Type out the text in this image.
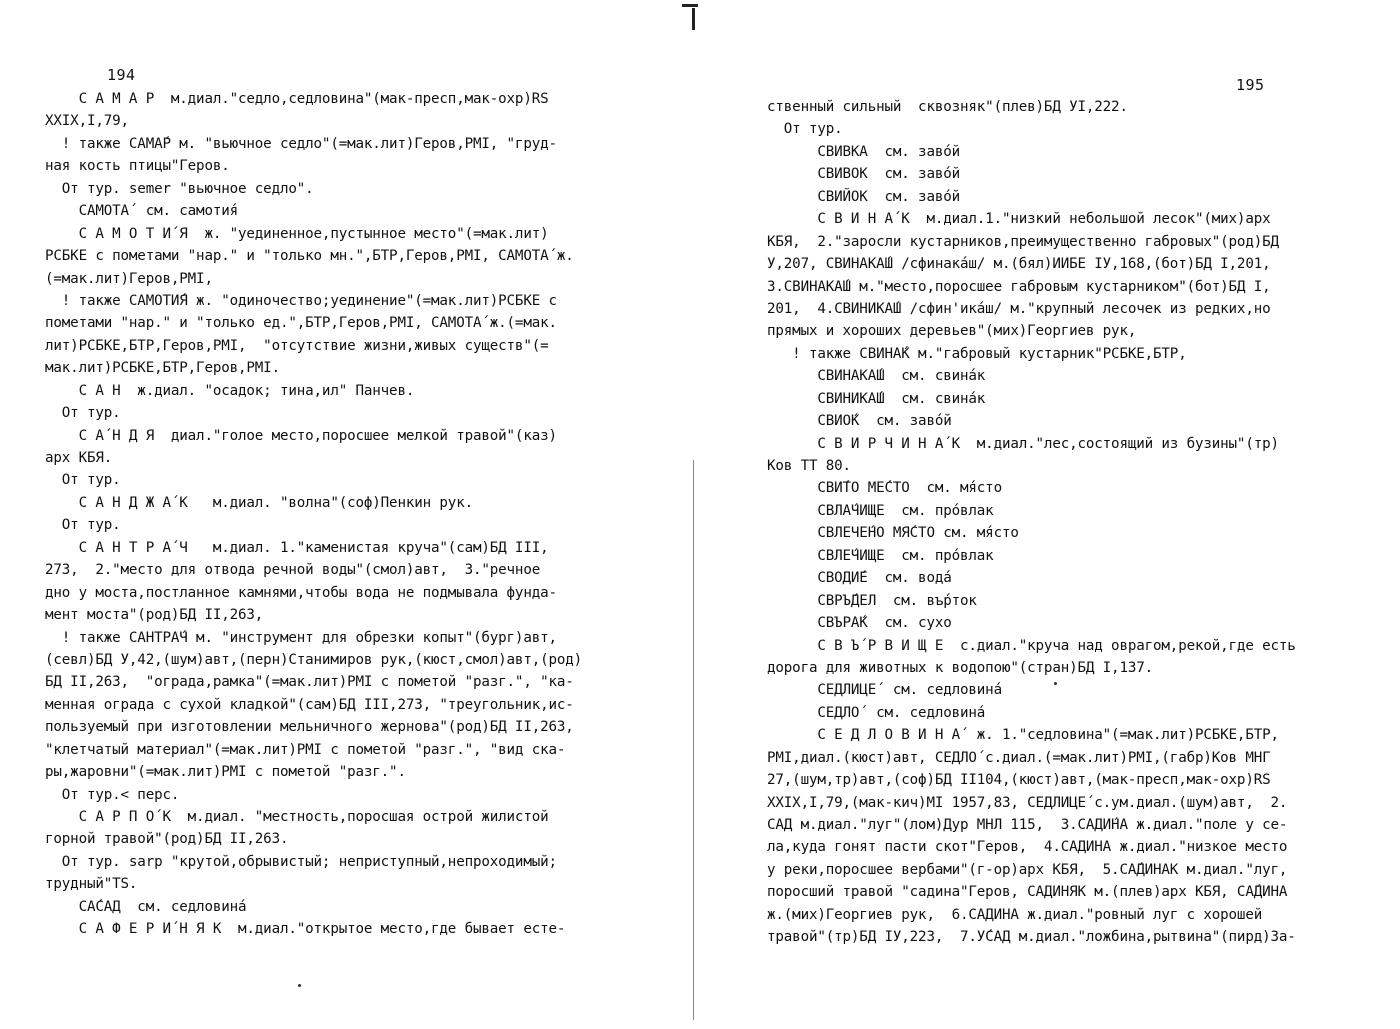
194
С А М А Р  м.диал."седло,седловина"(мак-пресп,мак-охр)RS
XXIX,I,79,
! также САМА́Р м. "вьючное седло"(=мак.лит)Геров,РМI, "груд-
ная кость птицы"Геров.
От тур. semer "вьючное седло".
САМОТА́  см. самотия́
С А М О Т И́ Я  ж. "уединенное,пустынное место"(=мак.лит)
РСБКЕ с пометами "нар." и "только мн.",БТР,Геров,РМI, САМОТА́ ж.
(=мак.лит)Геров,РМI,
! также САМОТИ́Я ж. "одиночество;уединение"(=мак.лит)РСБКЕ с
пометами "нар." и "только ед.",БТР,Геров,РМI, САМОТА́ ж.(=мак.
лит)РСБКЕ,БТР,Геров,РМI,  "отсутствие жизни,живых существ"(=
мак.лит)РСБКЕ,БТР,Геров,РМI.
С А Н  ж.диал. "осадок; тина,ил" Панчев.
От тур.
С А́ Н Д Я  диал."голое место,поросшее мелкой травой"(каз)
арх КБЯ.
От тур.
С А Н Д Ж А́ К   м.диал. "волна"(соф)Пенкин рук.
От тур.
С А Н Т Р А́ Ч   м.диал. 1."каменистая круча"(сам)БД III,
273,  2."место для отвода речной воды"(смол)авт,  3."речное
дно у моста,постланное камнями,чтобы вода не подмывала фунда-
мент моста"(род)БД II,263,
! также САНТРА́Ч м. "инструмент для обрезки копыт"(бург)авт,
(севл)БД У,42,(шум)авт,(перн)Станимиров рук,(кюст,смол)авт,(род)
БД II,263,  "ограда,рамка"(=мак.лит)РМI с пометой "разг.", "ка-
менная ограда с сухой кладкой"(сам)БД III,273, "треугольник,ис-
пользуемый при изготовлении мельничного жернова"(род)БД II,263,
"клетчатый материал"(=мак.лит)РМI с пометой "разг.", "вид ска-
ры,жаровни"(=мак.лит)РМI с пометой "разг.".
От тур.< перс.
С А Р П О́ К  м.диал. "местность,поросшая острой жилистой
горной травой"(род)БД II,263.
От тур. sarp "крутой,обрывистый; неприступный,непроходимый;
трудный"TS.
СА́САД  см. седловина́
С А Ф Е Р И́ Н Я К  м.диал."открытое место,где бывает есте-
195
ственный сильный  сквозняк"(плев)БД УI,222.
От тур.
СВИВКА  см. заво́й
СВИВОК  см. заво́й
СВИЙОК  см. заво́й
С В И Н А́ К  м.диал.1."низкий небольшой лесок"(мих)арх
КБЯ,  2."заросли кустарников,преимущественно габровых"(род)БД
У,207, СВИНАКА́Ш /сфинака́ш/ м.(бял)ИИБЕ IУ,168,(бот)БД I,201,
3.СВИНАКА́Ш м."место,поросшее габровым кустарником"(бот)БД I,
201,  4.СВИНИКА́Ш /сфин'ика́ш/ м."крупный лесочек из редких,но
прямых и хороших деревьев"(мих)Георгиев рук,
! также СВИНА́К м."габровый кустарник"РСБКЕ,БТР,
СВИНАКА́Ш  см. свина́к
СВИНИКА́Ш  см. свина́к
СВИО́К  см. заво́й
С В И Р Ч И Н А́ К  м.диал."лес,состоящий из бузины"(тр)
Ков ТТ 80.
СВИ́ТО МЕ́СТО  см. мя́сто
СВЛА́ЧИЩЕ  см. про́влак
СВЛЕЧЕ́НО МЯ́СТО см. мя́сто
СВЛЕ́ЧИЩЕ  см. про́влак
СВОДИ́Е  см. вода́
СВРЪ́ДЕЛ  см. вър́ток
СВЪРА́К  см. сухо
С В Ъ́ Р В И Щ Е  с.диал."круча над оврагом,рекой,где есть
дорога для животных к водопою"(стран)БД I,137.
СЕДЛИЦЕ́  см. седловина́
СЕДЛО́  см. седловина́
С Е Д Л О В И Н А́  ж. 1."седловина"(=мак.лит)РСБКЕ,БТР,
РМI,диал.(кюст)авт, СЕДЛО́ с.диал.(=мак.лит)РМI,(габр)Ков МНГ
27,(шум,тр)авт,(соф)БД II104,(кюст)авт,(мак-пресп,мак-охр)RS
XXIX,I,79,(мак-кич)МI 1957,83, СЕДЛИЦЕ́ с.ум.диал.(шум)авт,  2.
САД м.диал."луг"(лом)Дур МНЛ 115,  3.САДИ́НА ж.диал."поле у се-
ла,куда гонят пасти скот"Геров,  4.САДИНА ж.диал."низкое место
у реки,поросшее вербами"(г-ор)арх КБЯ,  5.СА́ДИНАК м.диал."луг,
поросший травой "садина"Геров, САДИНЯК м.(плев)арх КБЯ, СА́ДИНА
ж.(мих)Георгиев рук,  6.САДИНА ж.диал."ровный луг с хорошей
травой"(тр)БД IУ,223,  7.У́САД м.диал."ложбина,рытвина"(пирд)За-
